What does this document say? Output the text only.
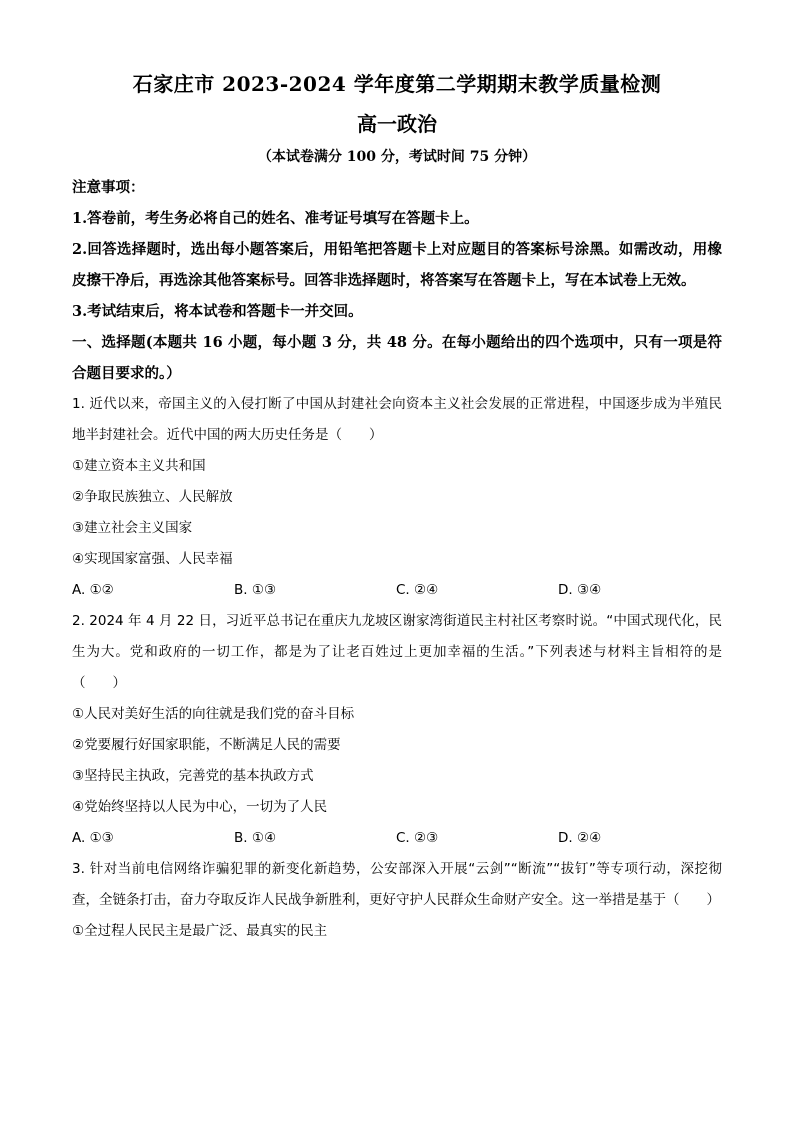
石家庄市 2023-2024 学年度第二学期期末教学质量检测
高一政治
（本试卷满分 100 分，考试时间 75 分钟）
注意事项：
1.答卷前，考生务必将自己的姓名、准考证号填写在答题卡上。
2.回答选择题时，选出每小题答案后，用铅笔把答题卡上对应题目的答案标号涂黑。如需改动，用橡皮擦干净后，再选涂其他答案标号。回答非选择题时，将答案写在答题卡上，写在本试卷上无效。
3.考试结束后，将本试卷和答题卡一并交回。
一、选择题(本题共 16 小题，每小题 3 分，共 48 分。在每小题给出的四个选项中，只有一项是符合题目要求的。）
1. 近代以来，帝国主义的入侵打断了中国从封建社会向资本主义社会发展的正常进程，中国逐步成为半殖民地半封建社会。近代中国的两大历史任务是（　　）
①建立资本主义共和国
②争取民族独立、人民解放
③建立社会主义国家
④实现国家富强、人民幸福
A. ①②	B. ①③	C. ②④	D. ③④
2. 2024 年 4 月 22 日，习近平总书记在重庆九龙坡区谢家湾街道民主村社区考察时说。“中国式现代化，民生为大。党和政府的一切工作，都是为了让老百姓过上更加幸福的生活。”下列表述与材料主旨相符的是（　　）
①人民对美好生活的向往就是我们党的奋斗目标
②党要履行好国家职能，不断满足人民的需要
③坚持民主执政，完善党的基本执政方式
④党始终坚持以人民为中心，一切为了人民
A. ①③	B. ①④	C. ②③	D. ②④
3. 针对当前电信网络诈骗犯罪的新变化新趋势，公安部深入开展“云剑”“断流”“拔钉”等专项行动，深挖彻查，全链条打击，奋力夺取反诈人民战争新胜利，更好守护人民群众生命财产安全。这一举措是基于（　　）
①全过程人民民主是最广泛、最真实的民主
